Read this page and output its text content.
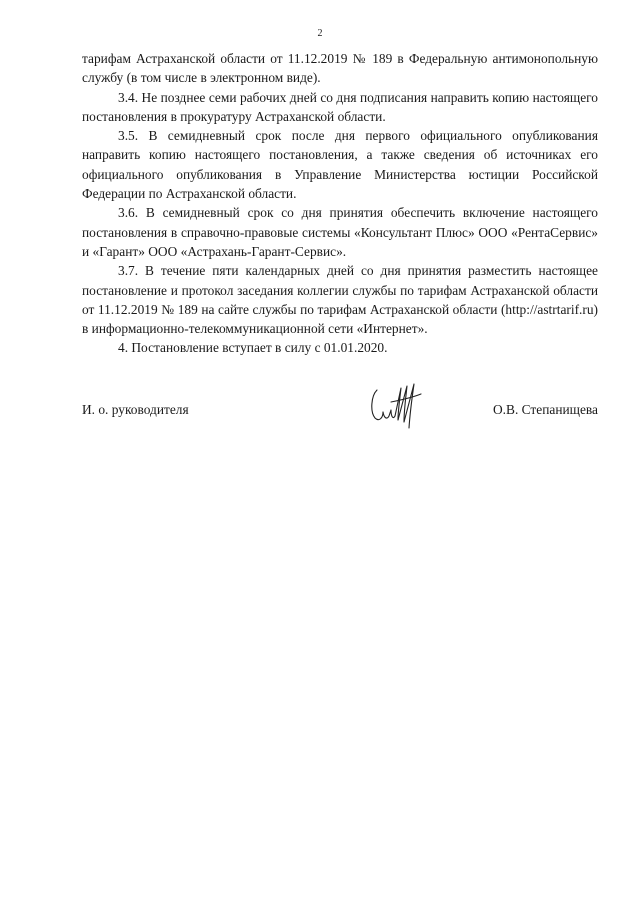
2

тарифам Астраханской области от 11.12.2019 № 189 в Федеральную антимонопольную службу (в том числе в электронном виде).

3.4. Не позднее семи рабочих дней со дня подписания направить копию настоящего постановления в прокуратуру Астраханской области.

3.5. В семидневный срок после дня первого официального опубликования направить копию настоящего постановления, а также сведения об источниках его официального опубликования в Управление Министерства юстиции Российской Федерации по Астраханской области.

3.6. В семидневный срок со дня принятия обеспечить включение настоящего постановления в справочно-правовые системы «Консультант Плюс» ООО «РентаСервис» и «Гарант» ООО «Астрахань-Гарант-Сервис».

3.7. В течение пяти календарных дней со дня принятия разместить настоящее постановление и протокол заседания коллегии службы по тарифам Астраханской области от 11.12.2019 № 189 на сайте службы по тарифам Астраханской области (http://astrtarif.ru) в информационно-телекоммуникационной сети «Интернет».

4. Постановление вступает в силу с 01.01.2020.

И. о. руководителя	О.В. Степанищева
